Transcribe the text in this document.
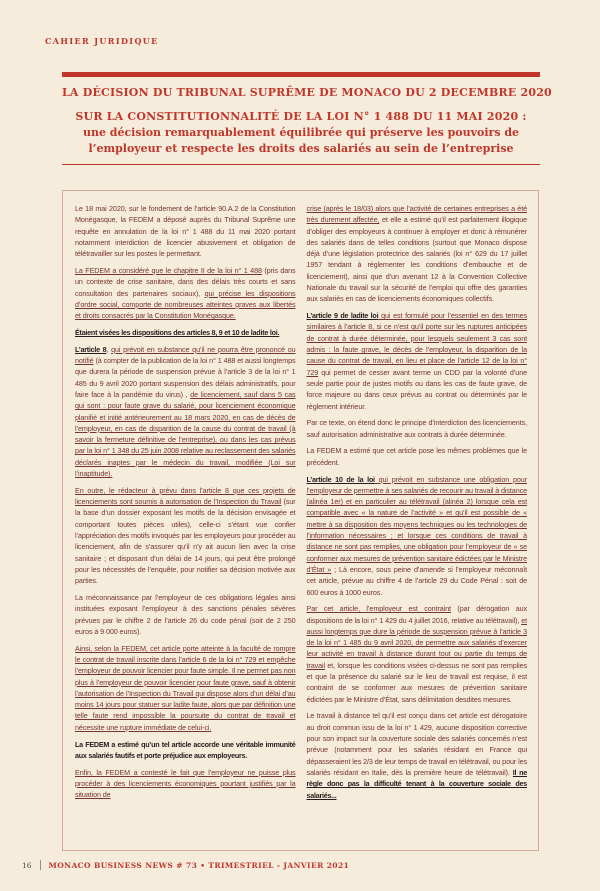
CAHIER JURIDIQUE
LA DÉCISION DU TRIBUNAL SUPRÊME DE MONACO DU 2 DECEMBRE 2020
SUR LA CONSTITUTIONNALITÉ DE LA LOI N° 1 488 DU 11 MAI 2020 :
une décision remarquablement équilibrée qui préserve les pouvoirs de
l’employeur et respecte les droits des salariés au sein de l’entreprise

Le 18 mai 2020, sur le fondement de l’article 90.A.2 de la Constitution Monégasque, la FEDEM a déposé auprès du Tribunal Suprême une requête en annulation de la loi n° 1 488 du 11 mai 2020 portant notamment interdiction de licencier abusivement et obligation de télétravailler sur les postes le permettant.

La FEDEM a considéré que le chapitre II de la loi n° 1 488 (pris dans un contexte de crise sanitaire, dans des délais très courts et sans consultation des partenaires sociaux), qui précise les dispositions d’ordre social, comporte de nombreuses atteintes graves aux libertés et droits consacrés par la Constitution Monégasque.

Étaient visées les dispositions des articles 8, 9 et 10 de ladite loi.

L’article 8, qui prévoit en substance qu’il ne pourra être prononcé ou notifié (à compter de la publication de la loi n° 1 488 et aussi longtemps que durera la période de suspension prévue à l’article 3 de la loi n° 1 485 du 9 avril 2020 portant suspension des délais administratifs, pour faire face à la pandémie du virus) , de licenciement, sauf dans 5 cas qui sont : pour faute grave du salarié, pour licenciement économique planifié et initié antérieurement au 18 mars 2020, en cas de décès de l’employeur, en cas de disparition de la cause du contrat de travail (à savoir la fermeture définitive de l’entreprise), ou dans les cas prévus par la loi n° 1 348 du 25 juin 2008 relative au reclassement des salariés déclarés inaptes par le médecin du travail, modifiée (Loi sur l’inaptitude).

En outre, le rédacteur à prévu dans l’article 8 que ces projets de licenciements sont soumis à autorisation de l’Inspection du Travail (sur la base d’un dossier exposant les motifs de la décision envisagée et comportant toutes pièces utiles), celle-ci s’étant vue confier l’appréciation des motifs invoqués par les employeurs pour procéder au licenciement, afin de s’assurer qu’il n’y ait aucun lien avec la crise sanitaire ; et disposant d’un délai de 14 jours, qui peut être prolongé pour les nécessités de l’enquête, pour notifier sa décision motivée aux parties.

La méconnaissance par l’employeur de ces obligations légales ainsi instituées exposant l’employeur à des sanctions pénales sévères prévues par le chiffre 2 de l’article 26 du code pénal (soit de 2 250 euros à 9 000 euros).

Ainsi, selon la FEDEM, cet article porte atteinte à la faculté de rompre le contrat de travail inscrite dans l’article 6 de la loi n° 729 et empêche l’employeur de pouvoir licencier pour faute simple. Il ne permet pas non plus à l’employeur de pouvoir licencier pour faute grave, sauf à obtenir l’autorisation de l’Inspection du Travail qui dispose alors d’un délai d’au moins 14 jours pour statuer sur ladite faute, alors que par définition une telle faute rend impossible la poursuite du contrat de travail et nécessite une rupture immédiate de celui-ci.

La FEDEM a estimé qu’un tel article accorde une véritable immunité aux salariés fautifs et porte préjudice aux employeurs.

Enfin, la FEDEM a contesté le fait que l’employeur ne puisse plus procéder à des licenciements économiques pourtant justifiés par la situation de

crise (après le 18/03) alors que l’activité de certaines entreprises a été très durement affectée, et elle a estimé qu’il est parfaitement illogique d’obliger des employeurs à continuer à employer et donc à rémunérer des salariés dans de telles conditions (surtout que Monaco dispose déjà d’une législation protectrice des salariés (loi n° 629 du 17 juillet 1957 tendant à réglementer les conditions d’embauche et de licenciement), ainsi que d’un avenant 12 à la Convention Collective Nationale du travail sur la sécurité de l’emploi qui offre des garanties aux salariés en cas de licenciements économiques collectifs.

L’article 9 de ladite loi qui est formulé pour l’essentiel en des termes similaires à l’article 8, si ce n’est qu’il porte sur les ruptures anticipées de contrat à durée déterminée, pour lesquels seulement 3 cas sont admis : la faute grave, le décès de l’employeur, la disparition de la cause du contrat de travail, en lieu et place de l’article 12 de la loi n° 729 qui permet de cesser avant terme un CDD par la volonté d’une seule partie pour de justes motifs ou dans les cas de faute grave, de force majeure ou dans ceux prévus au contrat ou déterminés par le règlement intérieur.

Par ce texte, on étend donc le principe d’interdiction des licenciements, sauf autorisation administrative aux contrats à durée déterminée.

La FEDEM a estimé que cet article pose les mêmes problèmes que le précédent.

L’article 10 de la loi qui prévoit en substance une obligation pour l’employeur de permettre à ses salariés de recourir au travail à distance (alinéa 1er) et en particulier au télétravail (alinéa 2) lorsque cela est compatible avec « la nature de l’activité » et qu’il est possible de « mettre à sa disposition des moyens techniques ou les technologies de l’information nécessaires ; et lorsque ces conditions de travail à distance ne sont pas remplies, une obligation pour l’employeur de « se conformer aux mesures de prévention sanitaire édictées par le Ministre d’État » ; Là encore, sous peine d’amende si l’employeur méconnaît cet article, prévue au chiffre 4 de l’article 29 du Code Pénal : soit de 600 euros à 1000 euros.

Par cet article, l’employeur est contraint (par dérogation aux dispositions de la loi n° 1 429 du 4 juillet 2016, relative au télétravail), et aussi longtemps que dure la période de suspension prévue à l’article 3 de la loi n° 1 485 du 9 avril 2020, de permettre aux salariés d’exercer leur activité en travail à distance durant tout ou partie du temps de travail et, lorsque les conditions visées ci-dessus ne sont pas remplies et que la présence du salarié sur le lieu de travail est requise, il est contraint de se conformer aux mesures de prévention sanitaire édictées par le Ministre d’État, sans délimitation desdites mesures.

Le travail à distance tel qu’il est conçu dans cet article est dérogatoire au droit commun issu de la loi n° 1 429, aucune disposition corrective pour son impact sur la couverture sociale des salariés concernés n’est prévue (notamment pour les salariés résidant en France qui dépasseraient les 2/3 de leur temps de travail en télétravail, ou pour les salariés résidant en Italie, dès la première heure de télétravail). Il ne règle donc pas la difficulté tenant à la couverture sociale des salariés...

16 MONACO BUSINESS NEWS # 73 • TRIMESTRIEL - JANVIER 2021
